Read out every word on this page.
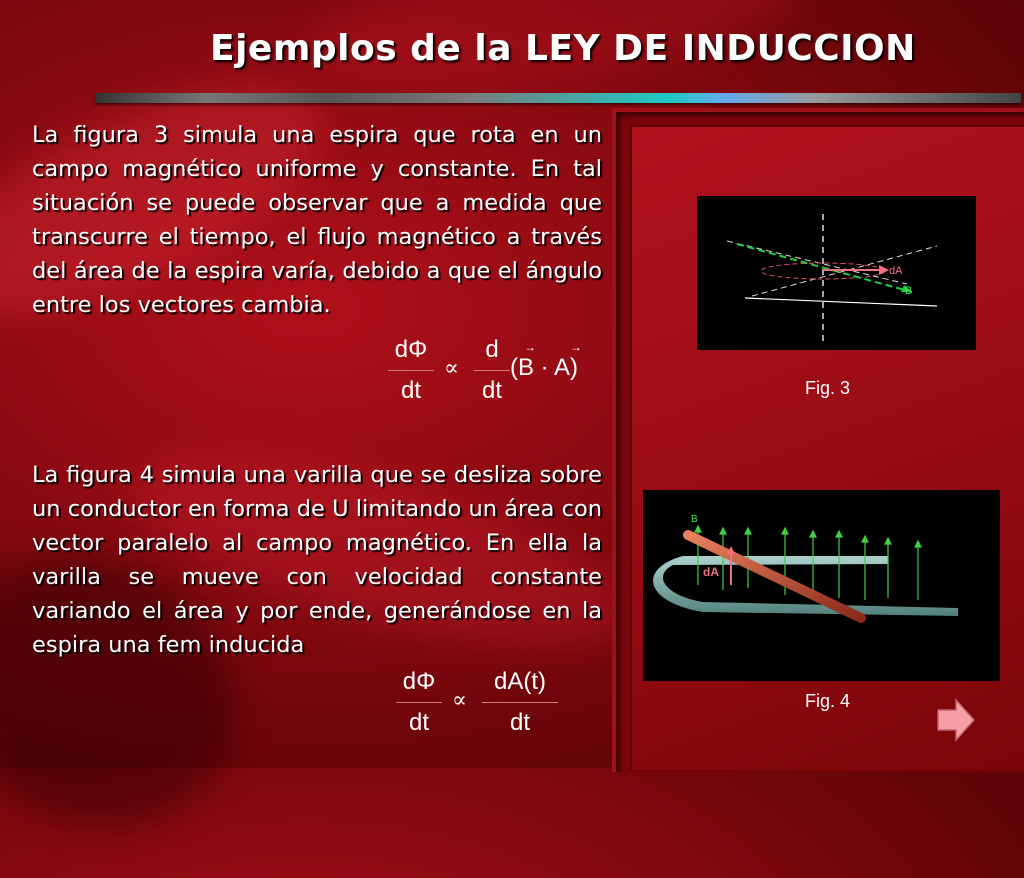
Ejemplos de la LEY DE INDUCCION
La figura 3 simula una espira que rota en un campo magnético uniforme y constante. En tal situación se puede observar que a medida que transcurre el tiempo, el flujo magnético a través del área de la espira varía, debido a que el ángulo entre los vectores cambia.
dΦ
dt
∝
d
dt
(B · A)
→	→
La figura 4 simula una varilla que se desliza sobre un conductor en forma de U limitando un área con vector paralelo al campo magnético. En ella la varilla se mueve con velocidad constante variando el área y por ende, generándose en la espira una fem inducida
dΦ
dt
∝
dA(t)
dt
dA
B
Fig. 3
B
dA
Fig. 4
